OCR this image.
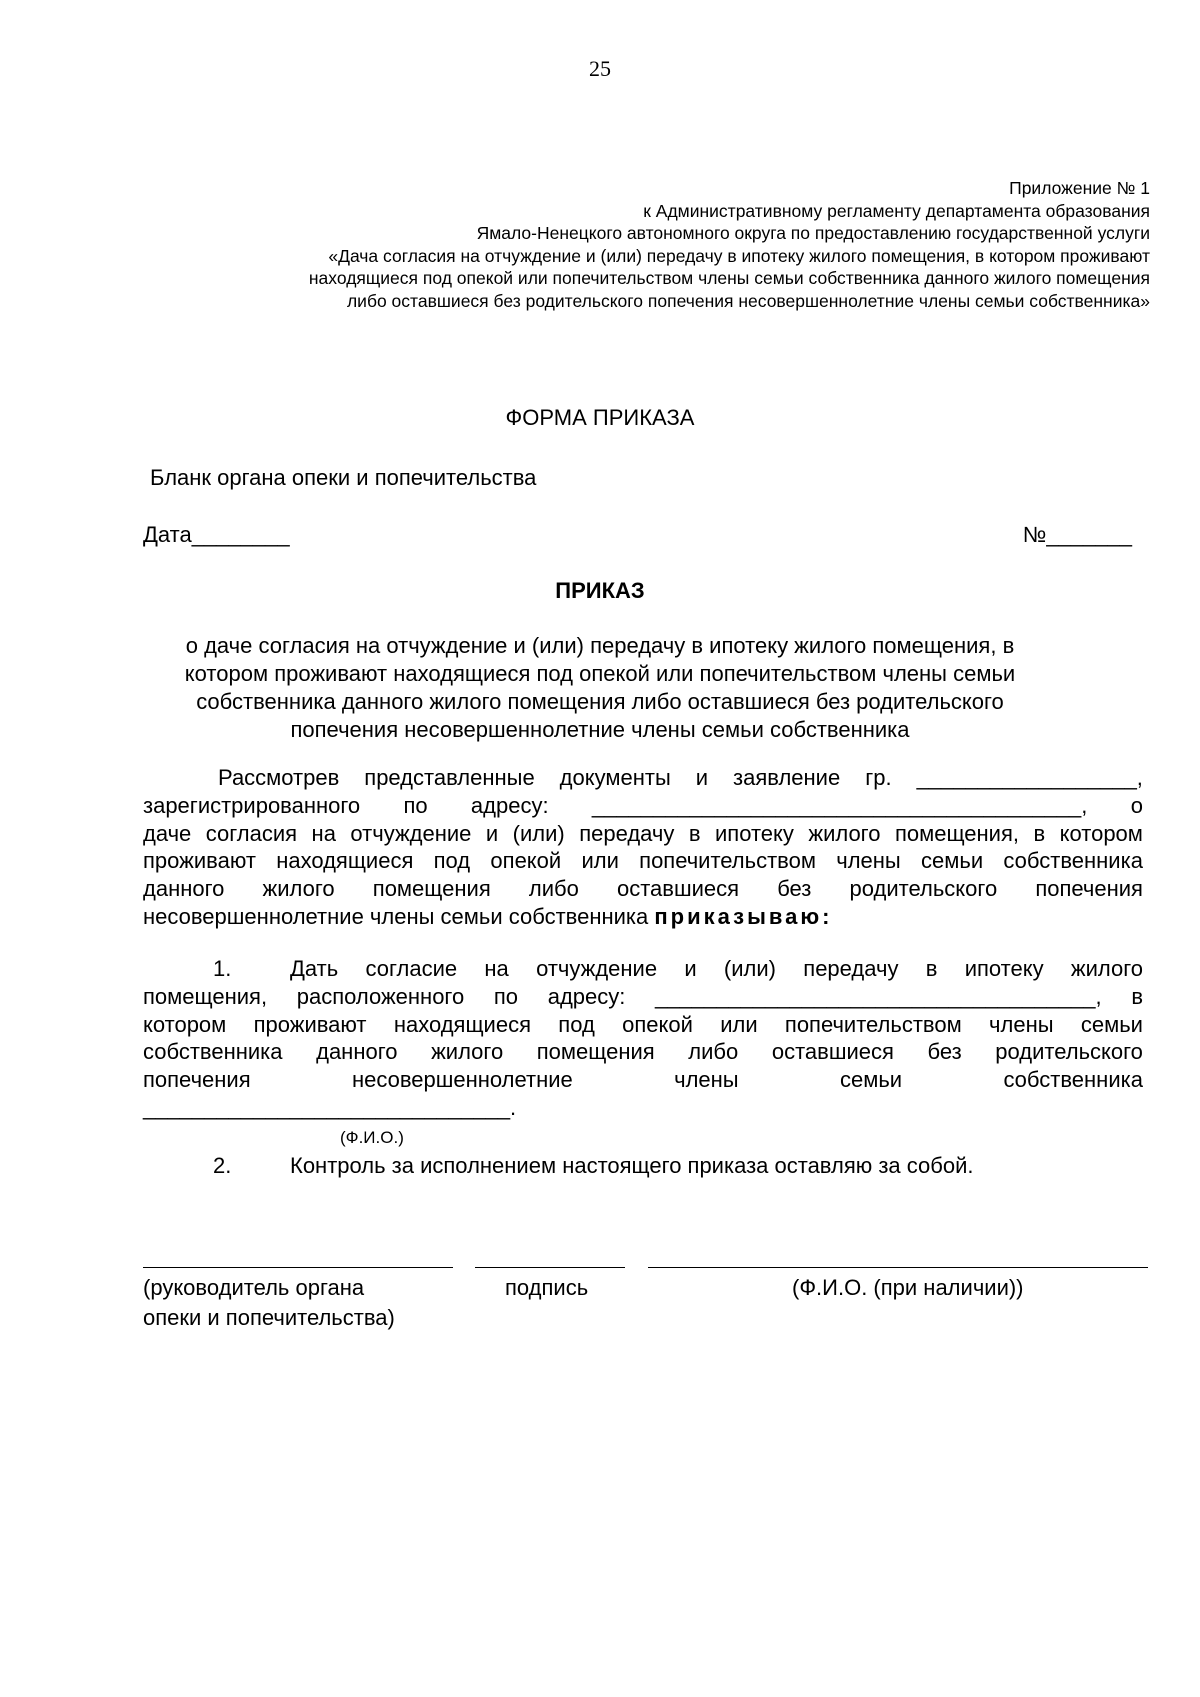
25
Приложение № 1
к Административному регламенту департамента образования
Ямало-Ненецкого автономного округа по предоставлению государственной услуги
«Дача согласия на отчуждение и (или) передачу в ипотеку жилого помещения, в котором проживают
находящиеся под опекой или попечительством члены семьи собственника данного жилого помещения
либо оставшиеся без родительского попечения несовершеннолетние члены семьи собственника»
ФОРМА ПРИКАЗА
Бланк органа опеки и попечительства
Дата________	№_______
ПРИКАЗ
о даче согласия на отчуждение и (или) передачу в ипотеку жилого помещения, в
котором проживают находящиеся под опекой или попечительством члены семьи
собственника данного жилого помещения либо оставшиеся без родительского
попечения несовершеннолетние члены семьи собственника
Рассмотрев представленные документы и заявление гр. __________________,
зарегистрированного по адресу: ________________________________________, о
даче согласия на отчуждение и (или) передачу в ипотеку жилого помещения, в котором
проживают находящиеся под опекой или попечительством члены семьи собственника
данного жилого помещения либо оставшиеся без родительского попечения
несовершеннолетние члены семьи собственника приказываю:
1.	Дать согласие на отчуждение и (или) передачу в ипотеку жилого
помещения, расположенного по адресу: ____________________________________, в
котором проживают находящиеся под опекой или попечительством члены семьи
собственника данного жилого помещения либо оставшиеся без родительского
попечения	несовершеннолетние	члены	семьи	собственника
______________________________.
(Ф.И.О.)
2.	Контроль за исполнением настоящего приказа оставляю за собой.
(руководитель органа
опеки и попечительства)
подпись	(Ф.И.О. (при наличии))
